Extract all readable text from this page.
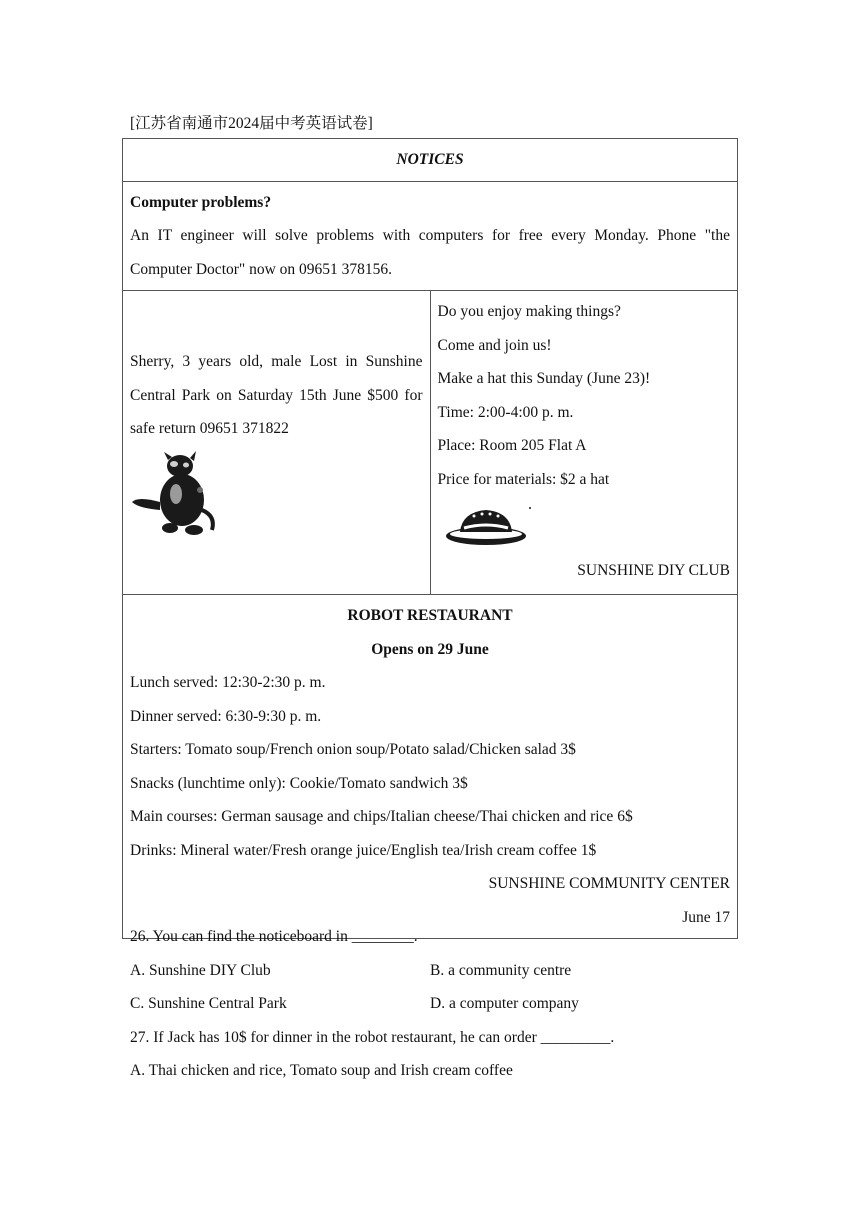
[江苏省南通市2024届中考英语试卷]
NOTICES

Computer problems?
An IT engineer will solve problems with computers for free every Monday. Phone "the Computer Doctor" now on 09651 378156.

Sherry, 3 years old, male Lost in Sunshine Central Park on Saturday 15th June $500 for safe return 09651 371822

Do you enjoy making things?
Come and join us!
Make a hat this Sunday (June 23)!
Time: 2:00-4:00 p. m.
Place: Room 205 Flat A
Price for materials: $2 a hat
SUNSHINE DIY CLUB

ROBOT RESTAURANT
Opens on 29 June
Lunch served: 12:30-2:30 p. m.
Dinner served: 6:30-9:30 p. m.
Starters: Tomato soup/French onion soup/Potato salad/Chicken salad 3$
Snacks (lunchtime only): Cookie/Tomato sandwich 3$
Main courses: German sausage and chips/Italian cheese/Thai chicken and rice 6$
Drinks: Mineral water/Fresh orange juice/English tea/Irish cream coffee 1$
SUNSHINE COMMUNITY CENTER
June 17
26. You can find the noticeboard in ________.
A. Sunshine DIY Club	B. a community centre
C. Sunshine Central Park	D. a computer company
27. If Jack has 10$ for dinner in the robot restaurant, he can order _________.
A. Thai chicken and rice, Tomato soup and Irish cream coffee
